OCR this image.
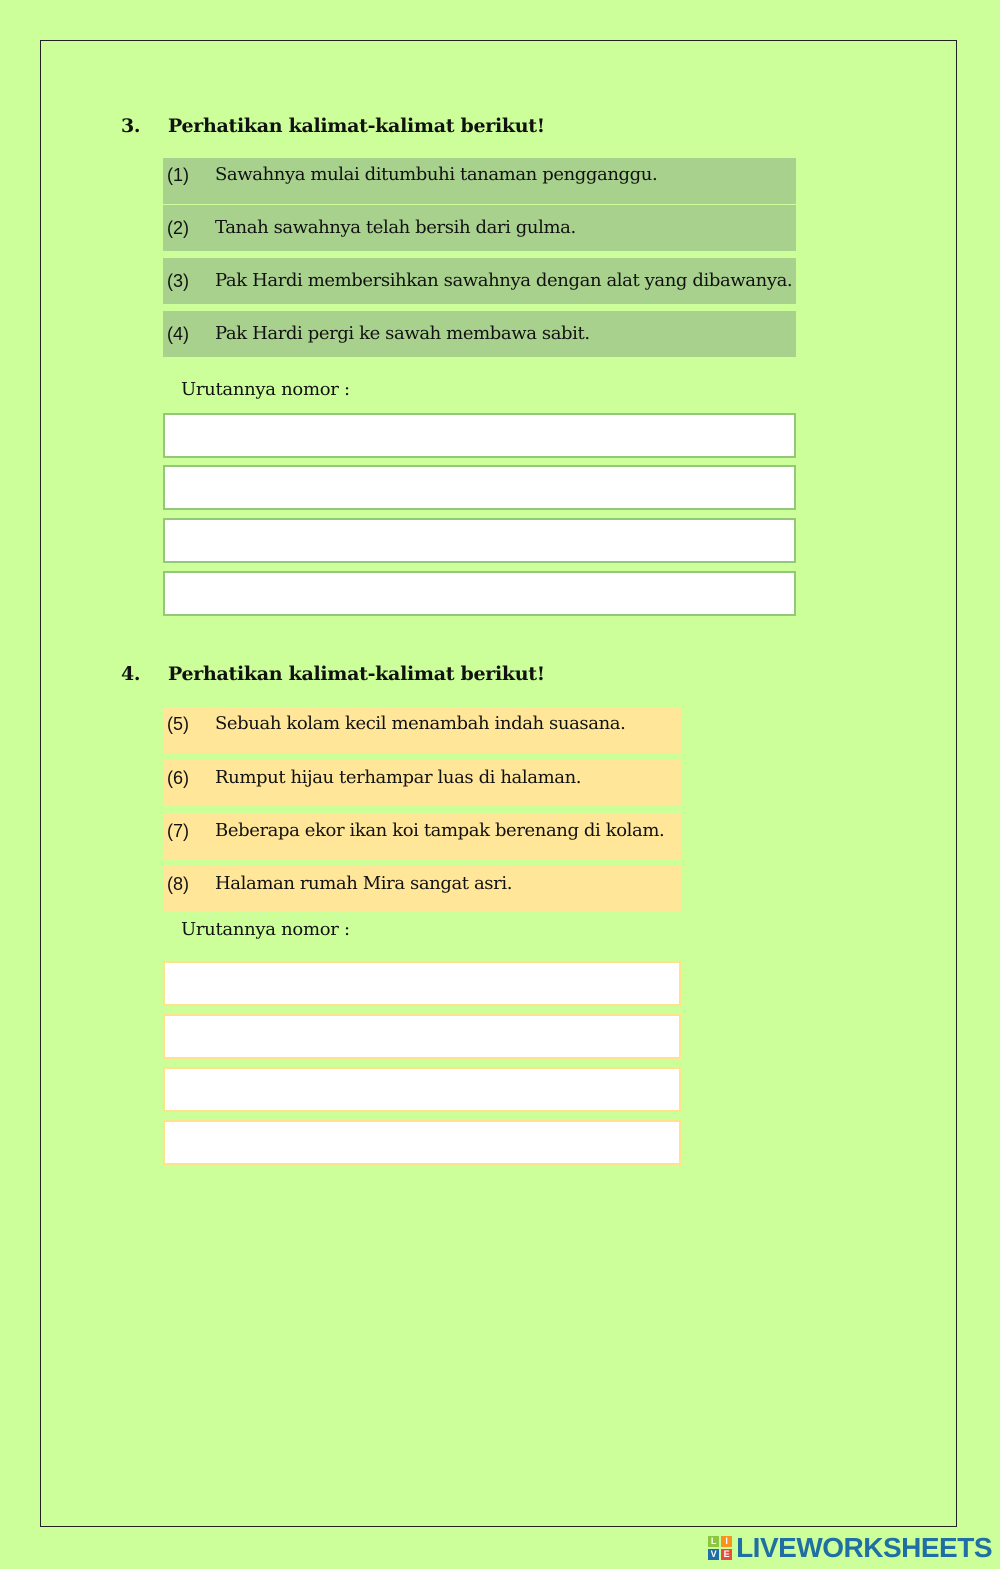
3. Perhatikan kalimat-kalimat berikut!
(1)	Sawahnya mulai ditumbuhi tanaman pengganggu.
(2)	Tanah sawahnya telah bersih dari gulma.
(3)	Pak Hardi membersihkan sawahnya dengan alat yang dibawanya.
(4)	Pak Hardi pergi ke sawah membawa sabit.
Urutannya nomor :
4. Perhatikan kalimat-kalimat berikut!
(5)	Sebuah kolam kecil menambah indah suasana.
(6)	Rumput hijau terhampar luas di halaman.
(7)	Beberapa ekor ikan koi tampak berenang di kolam.
(8)	Halaman rumah Mira sangat asri.
Urutannya nomor :
L I
V E LIVEWORKSHEETS
